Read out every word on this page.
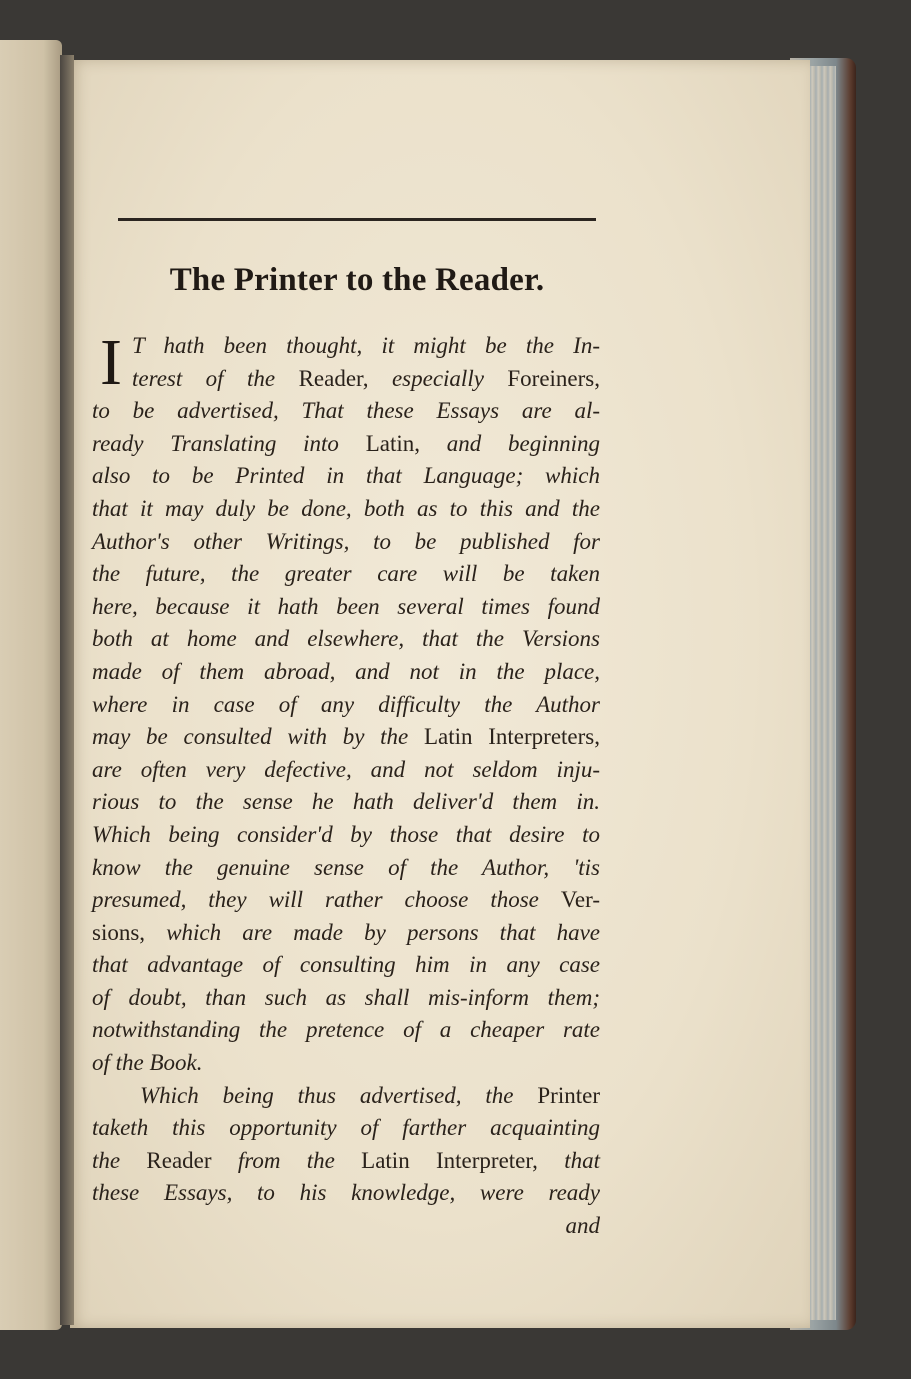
The Printer to the Reader.
I T hath been thought, it might be the In-
terest of the Reader, especially Foreiners,
to be advertised, That these Essays are al-
ready Translating into Latin, and beginning
also to be Printed in that Language; which
that it may duly be done, both as to this and the
Author's other Writings, to be published for
the future, the greater care will be taken
here, because it hath been several times found
both at home and elsewhere, that the Versions
made of them abroad, and not in the place,
where in case of any difficulty the Author
may be consulted with by the Latin Interpreters,
are often very defective, and not seldom inju-
rious to the sense he hath deliver'd them in.
Which being consider'd by those that desire to
know the genuine sense of the Author, 'tis
presumed, they will rather choose those Ver-
sions, which are made by persons that have
that advantage of consulting him in any case
of doubt, than such as shall mis-inform them;
notwithstanding the pretence of a cheaper rate
of the Book.
Which being thus advertised, the Printer
taketh this opportunity of farther acquainting
the Reader from the Latin Interpreter, that
these Essays, to his knowledge, were ready
and
